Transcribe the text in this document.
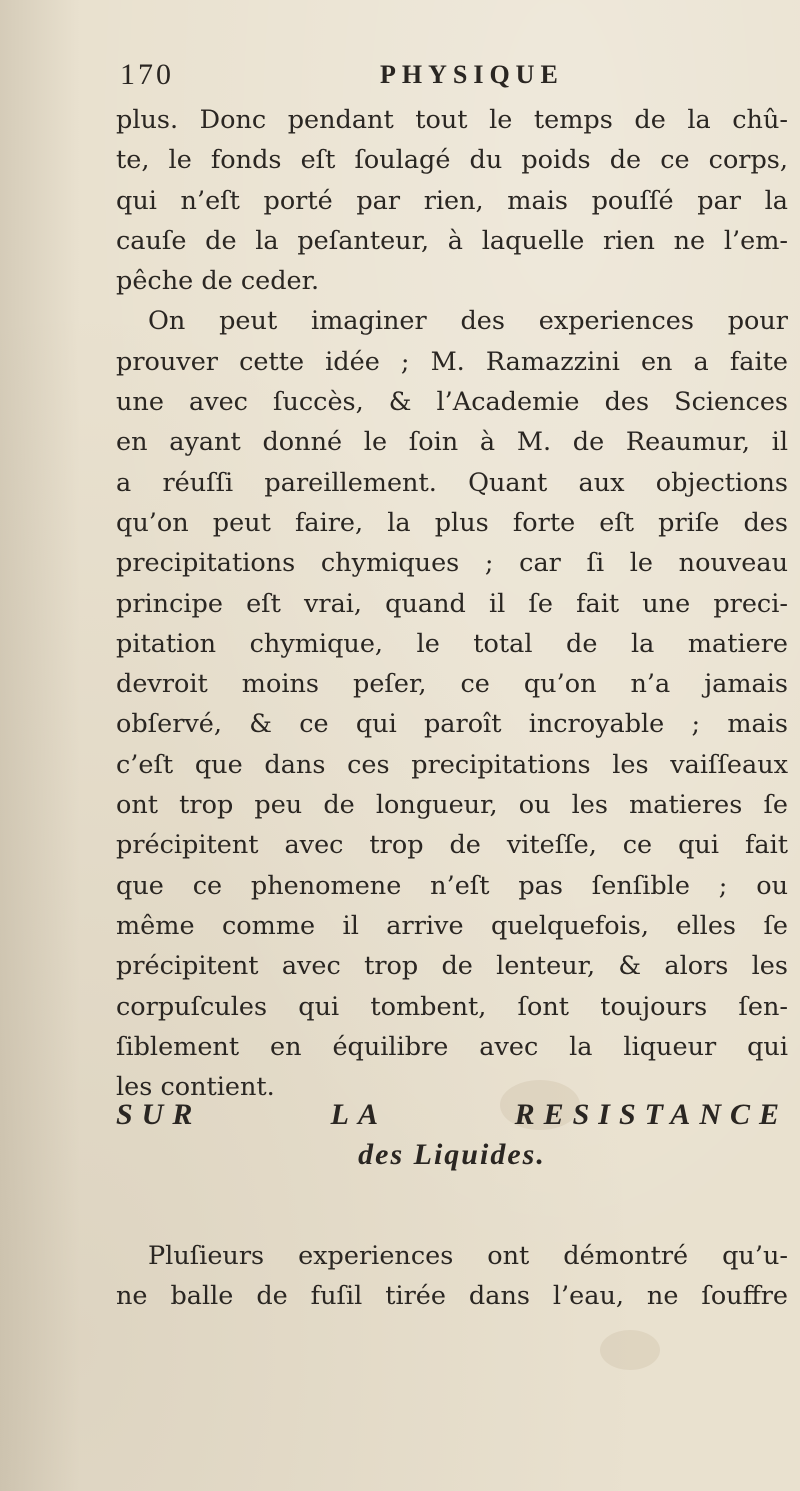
170	PHYSIQUE
plus. Donc pendant tout le temps de la chû-
te, le fonds eſt ſoulagé du poids de ce corps,
qui n’eſt porté par rien, mais pouſſé par la
cauſe de la peſanteur, à laquelle rien ne l’em-
pêche de ceder.
On peut imaginer des experiences pour
prouver cette idée ; M. Ramazzini en a faite
une avec ſuccès, & l’Academie des Sciences
en ayant donné le ſoin à M. de Reaumur, il
a réuſſi pareillement. Quant aux objections
qu’on peut faire, la plus forte eſt priſe des
precipitations chymiques ; car ſi le nouveau
principe eſt vrai, quand il ſe fait une preci-
pitation chymique, le total de la matiere
devroit moins peſer, ce qu’on n’a jamais
obſervé, & ce qui paroît incroyable ; mais
c’eſt que dans ces precipitations les vaiſſeaux
ont trop peu de longueur, ou les matieres ſe
précipitent avec trop de viteſſe, ce qui fait
que ce phenomene n’eſt pas ſenſible ; ou
même comme il arrive quelquefois, elles ſe
précipitent avec trop de lenteur, & alors les
corpuſcules qui tombent, ſont toujours ſen-
ſiblement en équilibre avec la liqueur qui
les contient.
SUR LA RESISTANCE
des Liquides.
Pluſieurs experiences ont démontré qu’u-
ne balle de fuſil tirée dans l’eau, ne ſouffre
